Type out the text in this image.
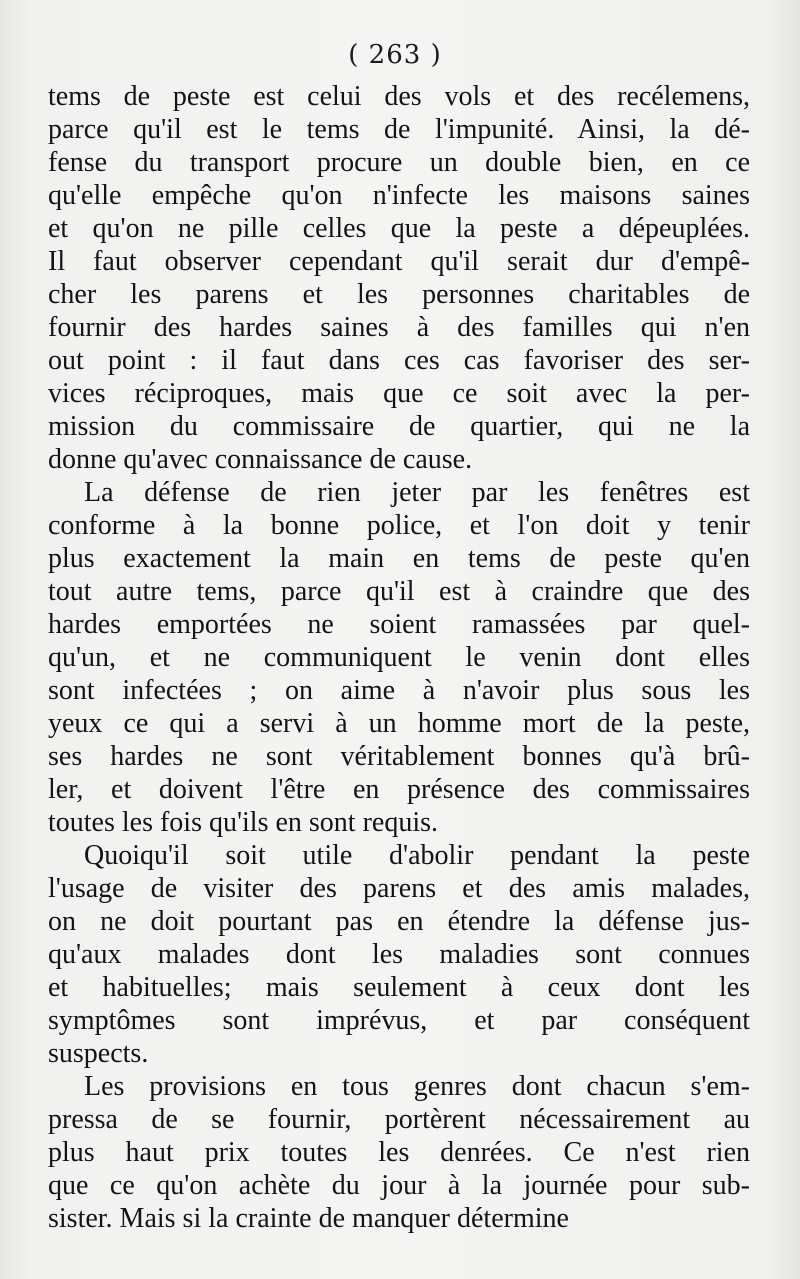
( 263 )
tems de peste est celui des vols et des recélemens,
parce qu'il est le tems de l'impunité. Ainsi, la dé-
fense du transport procure un double bien, en ce
qu'elle empêche qu'on n'infecte les maisons saines
et qu'on ne pille celles que la peste a dépeuplées.
Il faut observer cependant qu'il serait dur d'empê-
cher les parens et les personnes charitables de
fournir des hardes saines à des familles qui n'en
out point : il faut dans ces cas favoriser des ser-
vices réciproques, mais que ce soit avec la per-
mission du commissaire de quartier, qui ne la
donne qu'avec connaissance de cause.
La défense de rien jeter par les fenêtres est
conforme à la bonne police, et l'on doit y tenir
plus exactement la main en tems de peste qu'en
tout autre tems, parce qu'il est à craindre que des
hardes emportées ne soient ramassées par quel-
qu'un, et ne communiquent le venin dont elles
sont infectées ; on aime à n'avoir plus sous les
yeux ce qui a servi à un homme mort de la peste,
ses hardes ne sont véritablement bonnes qu'à brû-
ler, et doivent l'être en présence des commissaires
toutes les fois qu'ils en sont requis.
Quoiqu'il soit utile d'abolir pendant la peste
l'usage de visiter des parens et des amis malades,
on ne doit pourtant pas en étendre la défense jus-
qu'aux malades dont les maladies sont connues
et habituelles; mais seulement à ceux dont les
symptômes sont imprévus, et par conséquent
suspects.
Les provisions en tous genres dont chacun s'em-
pressa de se fournir, portèrent nécessairement au
plus haut prix toutes les denrées. Ce n'est rien
que ce qu'on achète du jour à la journée pour sub-
sister. Mais si la crainte de manquer détermine
